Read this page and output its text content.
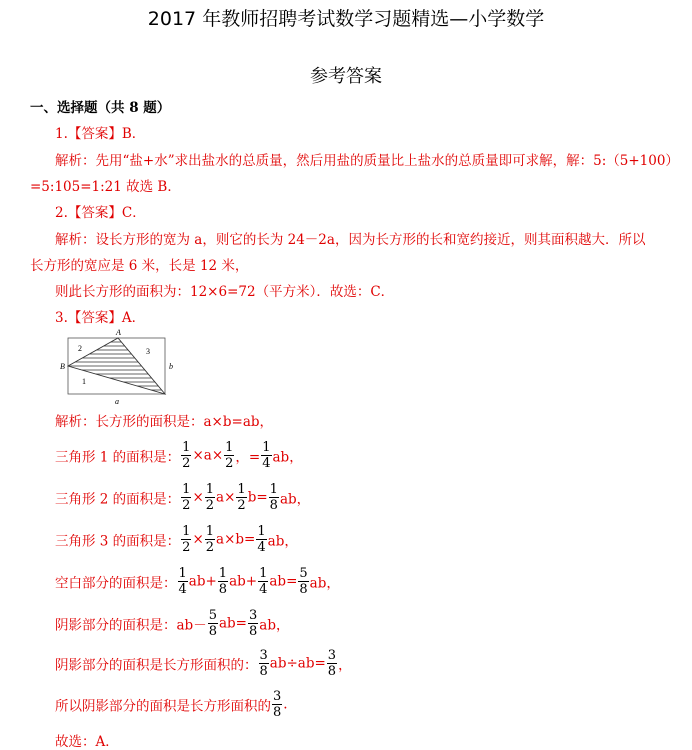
2017 年教师招聘考试数学习题精选—小学数学
参考答案
一、选择题（共 8 题）
1.【答案】B．
解析：先用“盐+水”求出盐水的总质量，然后用盐的质量比上盐水的总质量即可求解，解：5:（5+100）
=5:105=1:21 故选 B．
2.【答案】C．
解析：设长方形的宽为 a，则它的长为 24－2a，因为长方形的长和宽约接近，则其面积越大．所以
长方形的宽应是 6 米，长是 12 米，
则此长方形的面积为：12×6=72（平方米）．故选：C．
3.【答案】A．
A
B	b
a
1
2	3
解析：长方形的面积是：a×b=ab，
三角形 1 的面积是： $\frac{1}{2} \times a\times \frac{1}{2}$ ，= $\frac{1}{4}$ ab，
三角形 2 的面积是： $\frac{1}{2} \times \frac{1}{2} a\times \frac{1}{2} b= \frac{1}{8}$ ab，
三角形 3 的面积是： $\frac{1}{2} \times \frac{1}{2} a\times b= \frac{1}{4}$ ab，
空白部分的面积是： $\frac{1}{4} ab+ \frac{1}{8} ab+ \frac{1}{4} ab= \frac{5}{8}$ ab，
阴影部分的面积是：$ab- \frac{5}{8} ab= \frac{3}{8}$ ab，
阴影部分的面积是长方形面积的： $\frac{3}{8} ab\div ab= \frac{3}{8}$ ，
所以阴影部分的面积是长方形面积的 $\frac{3}{8}$ .
故选：A．
